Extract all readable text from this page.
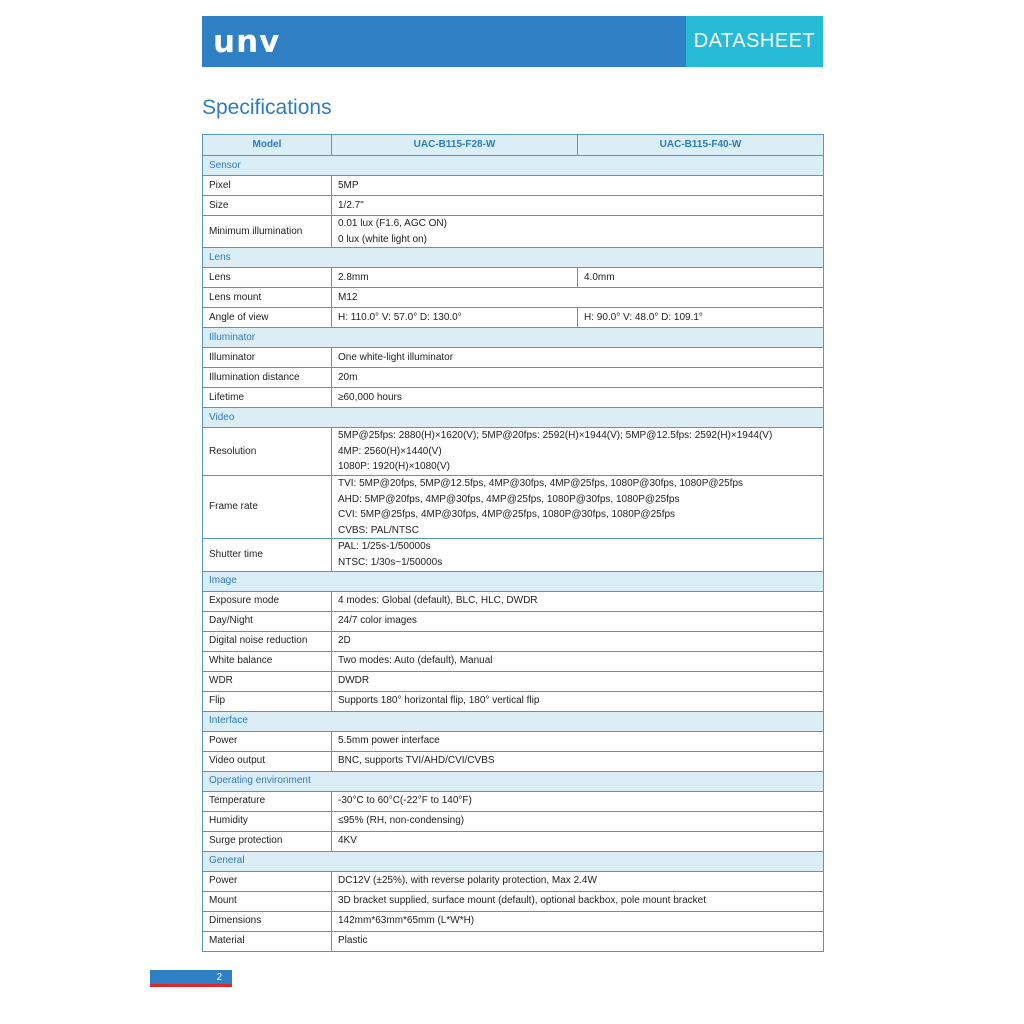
unv	DATASHEET
Specifications
Model	UAC-B115-F28-W	UAC-B115-F40-W
Sensor		
Pixel	5MP	

Size	1/2.7"	

Minimum illumination	0.01 lux (F1.6, AGC ON)
0 lux (white light on)	

Lens		
Lens	2.8mm	4.0mm
Lens mount	M12	

Angle of view	H: 110.0° V: 57.0° D: 130.0°	H: 90.0° V: 48.0° D: 109.1°
Illuminator		
Illuminator	One white-light illuminator	

Illumination distance	20m	

Lifetime	≥60,000 hours	

Video		
Resolution	5MP@25fps: 2880(H)×1620(V); 5MP@20fps: 2592(H)×1944(V); 5MP@12.5fps: 2592(H)×1944(V)
4MP: 2560(H)×1440(V)
1080P: 1920(H)×1080(V)	

Frame rate	TVI: 5MP@20fps, 5MP@12.5fps, 4MP@30fps, 4MP@25fps, 1080P@30fps, 1080P@25fps
AHD: 5MP@20fps, 4MP@30fps, 4MP@25fps, 1080P@30fps, 1080P@25fps
CVI: 5MP@25fps, 4MP@30fps, 4MP@25fps, 1080P@30fps, 1080P@25fps
CVBS: PAL/NTSC	

Shutter time	PAL: 1/25s-1/50000s
NTSC: 1/30s~1/50000s	

Image		
Exposure mode	4 modes: Global (default), BLC, HLC, DWDR	

Day/Night	24/7 color images	

Digital noise reduction	2D	

White balance	Two modes: Auto (default), Manual	

WDR	DWDR	

Flip	Supports 180° horizontal flip, 180° vertical flip	

Interface		
Power	5.5mm power interface	

Video output	BNC, supports TVI/AHD/CVI/CVBS	

Operating environment		
Temperature	-30°C to 60°C(-22°F to 140°F)	

Humidity	≤95% (RH, non-condensing)	

Surge protection	4KV	

General		
Power	DC12V (±25%), with reverse polarity protection, Max 2.4W	

Mount	3D bracket supplied, surface mount (default), optional backbox, pole mount bracket	

Dimensions	142mm*63mm*65mm (L*W*H)	

Material	Plastic	
2
